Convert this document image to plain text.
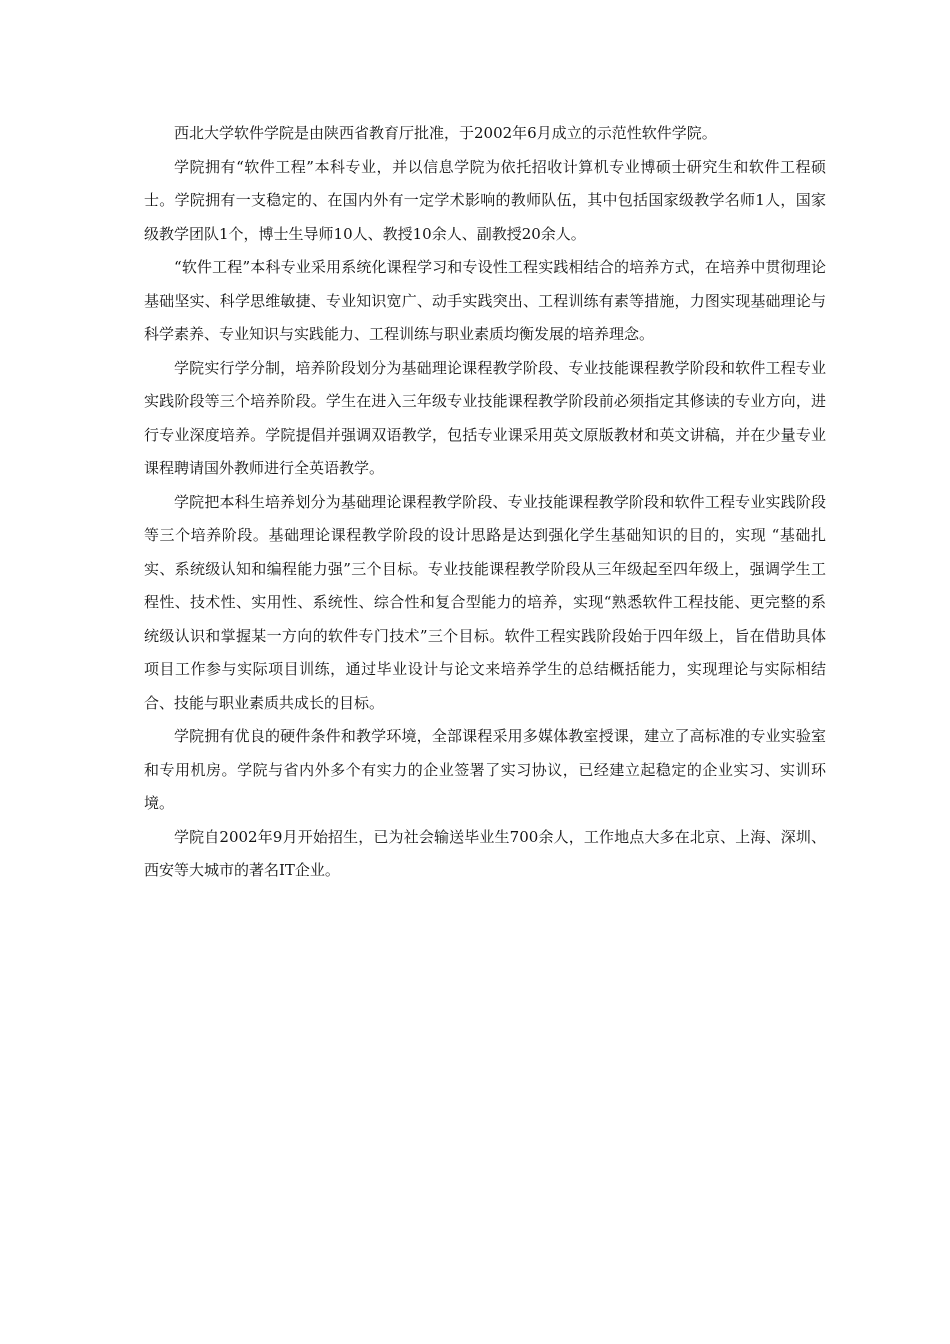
西北大学软件学院是由陕西省教育厅批准，于2002年6月成立的示范性软件学院。

学院拥有“软件工程”本科专业，并以信息学院为依托招收计算机专业博硕士研究生和软件工程硕士。学院拥有一支稳定的、在国内外有一定学术影响的教师队伍，其中包括国家级教学名师1人，国家级教学团队1个，博士生导师10人、教授10余人、副教授20余人。

“软件工程”本科专业采用系统化课程学习和专设性工程实践相结合的培养方式，在培养中贯彻理论基础坚实、科学思维敏捷、专业知识宽广、动手实践突出、工程训练有素等措施，力图实现基础理论与科学素养、专业知识与实践能力、工程训练与职业素质均衡发展的培养理念。

学院实行学分制，培养阶段划分为基础理论课程教学阶段、专业技能课程教学阶段和软件工程专业实践阶段等三个培养阶段。学生在进入三年级专业技能课程教学阶段前必须指定其修读的专业方向，进行专业深度培养。学院提倡并强调双语教学，包括专业课采用英文原版教材和英文讲稿，并在少量专业课程聘请国外教师进行全英语教学。

学院把本科生培养划分为基础理论课程教学阶段、专业技能课程教学阶段和软件工程专业实践阶段等三个培养阶段。基础理论课程教学阶段的设计思路是达到强化学生基础知识的目的，实现 “基础扎实、系统级认知和编程能力强”三个目标。专业技能课程教学阶段从三年级起至四年级上，强调学生工程性、技术性、实用性、系统性、综合性和复合型能力的培养，实现“熟悉软件工程技能、更完整的系统级认识和掌握某一方向的软件专门技术”三个目标。软件工程实践阶段始于四年级上，旨在借助具体项目工作参与实际项目训练，通过毕业设计与论文来培养学生的总结概括能力，实现理论与实际相结合、技能与职业素质共成长的目标。

学院拥有优良的硬件条件和教学环境，全部课程采用多媒体教室授课，建立了高标准的专业实验室和专用机房。学院与省内外多个有实力的企业签署了实习协议，已经建立起稳定的企业实习、实训环境。

学院自2002年9月开始招生，已为社会输送毕业生700余人，工作地点大多在北京、上海、深圳、西安等大城市的著名IT企业。
